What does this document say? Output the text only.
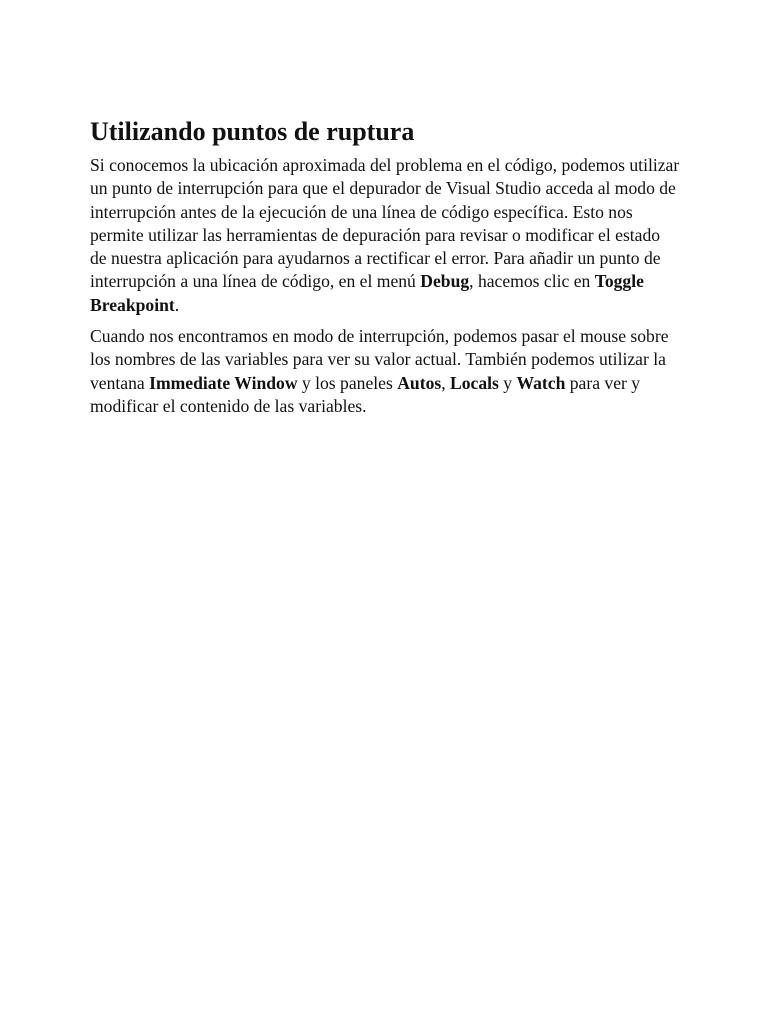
Utilizando puntos de ruptura

Si conocemos la ubicación aproximada del problema en el código, podemos utilizar un punto de interrupción para que el depurador de Visual Studio acceda al modo de interrupción antes de la ejecución de una línea de código específica. Esto nos permite utilizar las herramientas de depuración para revisar o modificar el estado de nuestra aplicación para ayudarnos a rectificar el error. Para añadir un punto de interrupción a una línea de código, en el menú Debug, hacemos clic en Toggle Breakpoint.

Cuando nos encontramos en modo de interrupción, podemos pasar el mouse sobre los nombres de las variables para ver su valor actual. También podemos utilizar la ventana Immediate Window y los paneles Autos, Locals y Watch para ver y modificar el contenido de las variables.
